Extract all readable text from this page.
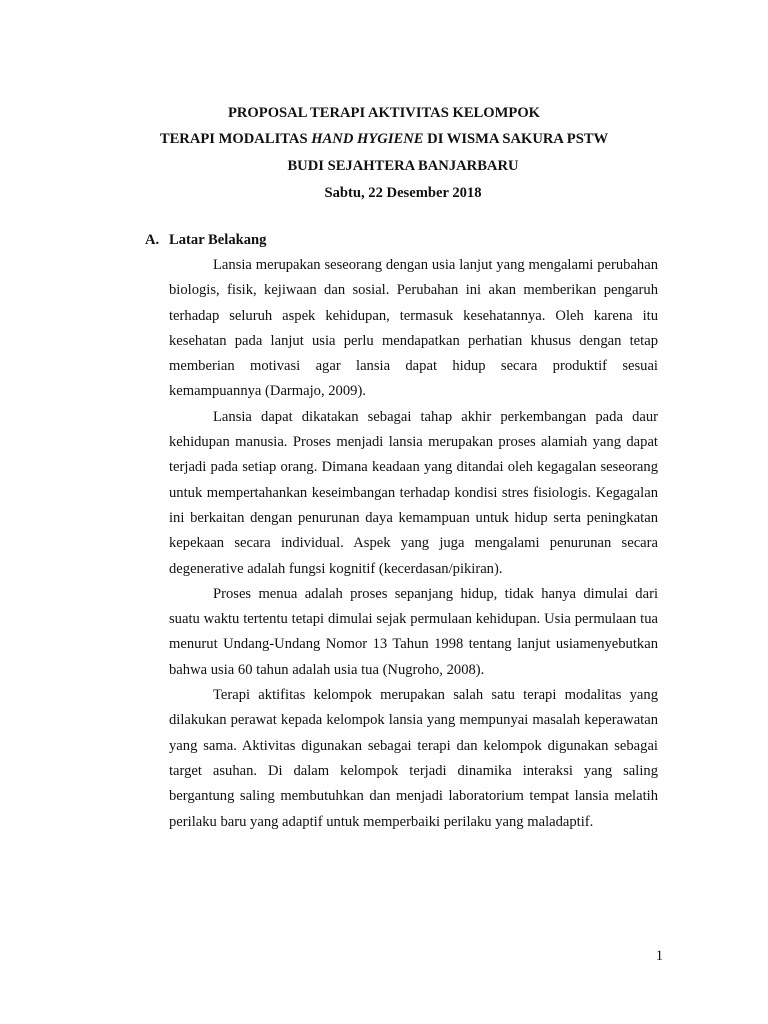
PROPOSAL TERAPI AKTIVITAS KELOMPOK
TERAPI MODALITAS HAND HYGIENE DI WISMA SAKURA PSTW
BUDI SEJAHTERA BANJARBARU
Sabtu, 22 Desember 2018
A. Latar Belakang

Lansia merupakan seseorang dengan usia lanjut yang mengalami perubahan biologis, fisik, kejiwaan dan sosial. Perubahan ini akan memberikan pengaruh terhadap seluruh aspek kehidupan, termasuk kesehatannya. Oleh karena itu kesehatan pada lanjut usia perlu mendapatkan perhatian khusus dengan tetap memberian motivasi agar lansia dapat hidup secara produktif sesuai kemampuannya (Darmajo, 2009).

Lansia dapat dikatakan sebagai tahap akhir perkembangan pada daur kehidupan manusia. Proses menjadi lansia merupakan proses alamiah yang dapat terjadi pada setiap orang. Dimana keadaan yang ditandai oleh kegagalan seseorang untuk mempertahankan keseimbangan terhadap kondisi stres fisiologis. Kegagalan ini berkaitan dengan penurunan daya kemampuan untuk hidup serta peningkatan kepekaan secara individual. Aspek yang juga mengalami penurunan secara degenerative adalah fungsi kognitif (kecerdasan/pikiran).

Proses menua adalah proses sepanjang hidup, tidak hanya dimulai dari suatu waktu tertentu tetapi dimulai sejak permulaan kehidupan. Usia permulaan tua menurut Undang-Undang Nomor 13 Tahun 1998 tentang lanjut usiamenyebutkan bahwa usia 60 tahun adalah usia tua (Nugroho, 2008).

Terapi aktifitas kelompok merupakan salah satu terapi modalitas yang dilakukan perawat kepada kelompok lansia yang mempunyai masalah keperawatan yang sama. Aktivitas digunakan sebagai terapi dan kelompok digunakan sebagai target asuhan. Di dalam kelompok terjadi dinamika interaksi yang saling bergantung saling membutuhkan dan menjadi laboratorium tempat lansia melatih perilaku baru yang adaptif untuk memperbaiki perilaku yang maladaptif.

1
